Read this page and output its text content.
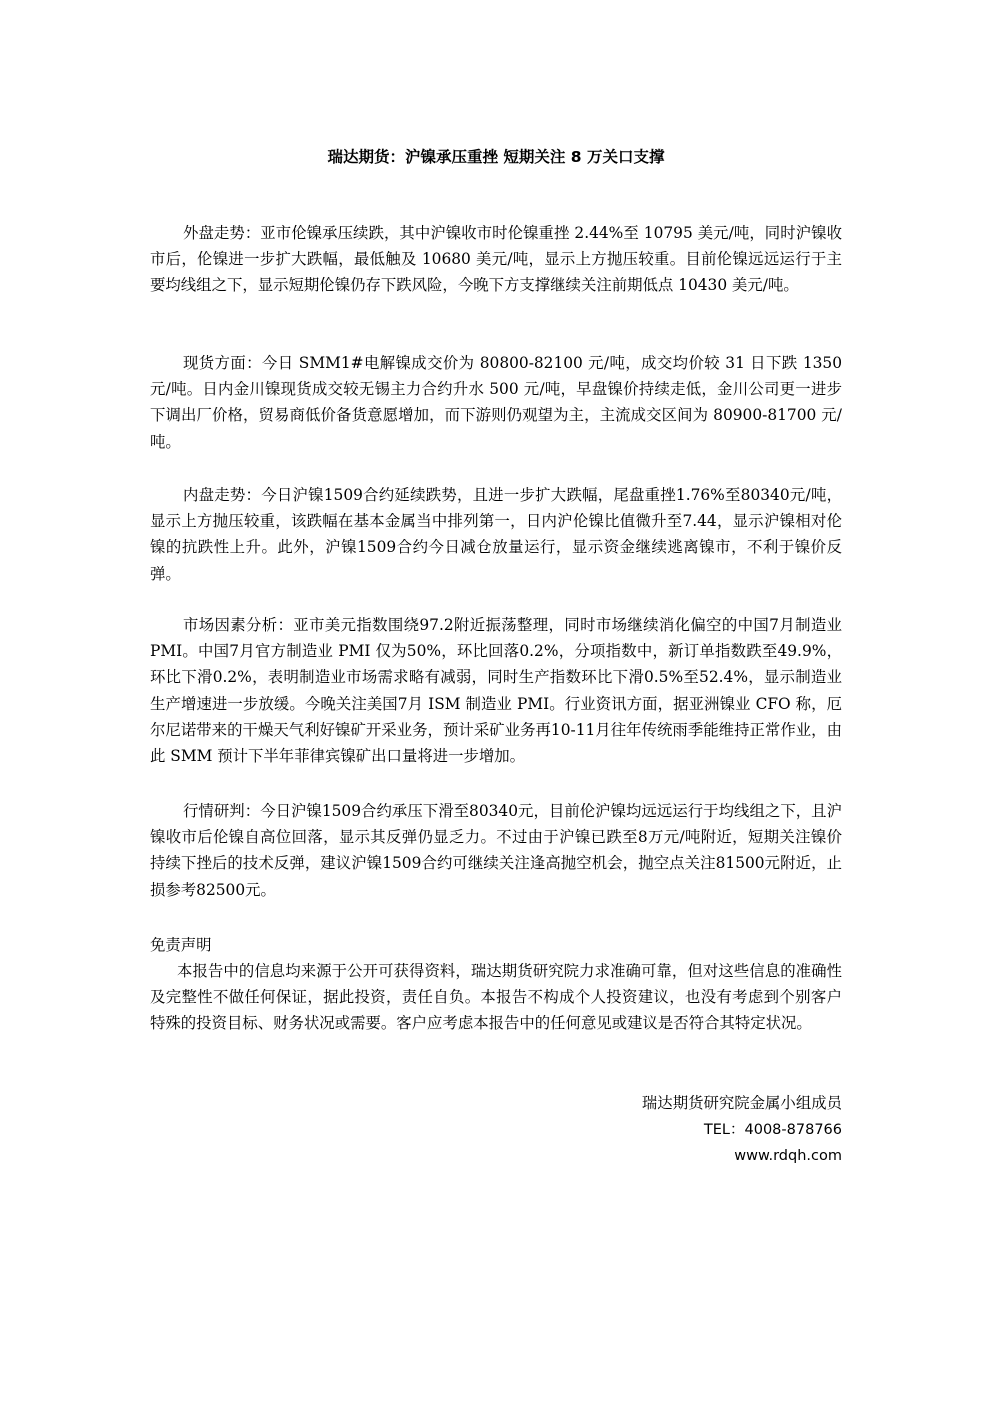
瑞达期货：沪镍承压重挫 短期关注 8 万关口支撑

外盘走势：亚市伦镍承压续跌，其中沪镍收市时伦镍重挫 2.44%至 10795 美元/吨，同时沪镍收市后，伦镍进一步扩大跌幅，最低触及 10680 美元/吨，显示上方抛压较重。目前伦镍远远运行于主要均线组之下，显示短期伦镍仍存下跌风险，今晚下方支撑继续关注前期低点 10430 美元/吨。

现货方面：今日 SMM1#电解镍成交价为 80800-82100 元/吨，成交均价较 31 日下跌 1350 元/吨。日内金川镍现货成交较无锡主力合约升水 500 元/吨，早盘镍价持续走低，金川公司更一进步下调出厂价格，贸易商低价备货意愿增加，而下游则仍观望为主，主流成交区间为 80900-81700 元/吨。

内盘走势：今日沪镍1509合约延续跌势，且进一步扩大跌幅，尾盘重挫1.76%至80340元/吨，显示上方抛压较重，该跌幅在基本金属当中排列第一，日内沪伦镍比值微升至7.44，显示沪镍相对伦镍的抗跌性上升。此外，沪镍1509合约今日减仓放量运行，显示资金继续逃离镍市，不利于镍价反弹。

市场因素分析：亚市美元指数围绕97.2附近振荡整理，同时市场继续消化偏空的中国7月制造业 PMI。中国7月官方制造业 PMI 仅为50%，环比回落0.2%，分项指数中，新订单指数跌至49.9%，环比下滑0.2%，表明制造业市场需求略有减弱，同时生产指数环比下滑0.5%至52.4%，显示制造业生产增速进一步放缓。今晚关注美国7月 ISM 制造业 PMI。行业资讯方面，据亚洲镍业 CFO 称，厄尔尼诺带来的干燥天气利好镍矿开采业务，预计采矿业务再10-11月往年传统雨季能维持正常作业，由此 SMM 预计下半年菲律宾镍矿出口量将进一步增加。

行情研判：今日沪镍1509合约承压下滑至80340元，目前伦沪镍均远远运行于均线组之下，且沪镍收市后伦镍自高位回落，显示其反弹仍显乏力。不过由于沪镍已跌至8万元/吨附近，短期关注镍价持续下挫后的技术反弹，建议沪镍1509合约可继续关注逢高抛空机会，抛空点关注81500元附近，止损参考82500元。

免责声明

本报告中的信息均来源于公开可获得资料，瑞达期货研究院力求准确可靠，但对这些信息的准确性及完整性不做任何保证，据此投资，责任自负。本报告不构成个人投资建议，也没有考虑到个别客户特殊的投资目标、财务状况或需要。客户应考虑本报告中的任何意见或建议是否符合其特定状况。

瑞达期货研究院金属小组成员
TEL：4008-878766
www.rdqh.com
